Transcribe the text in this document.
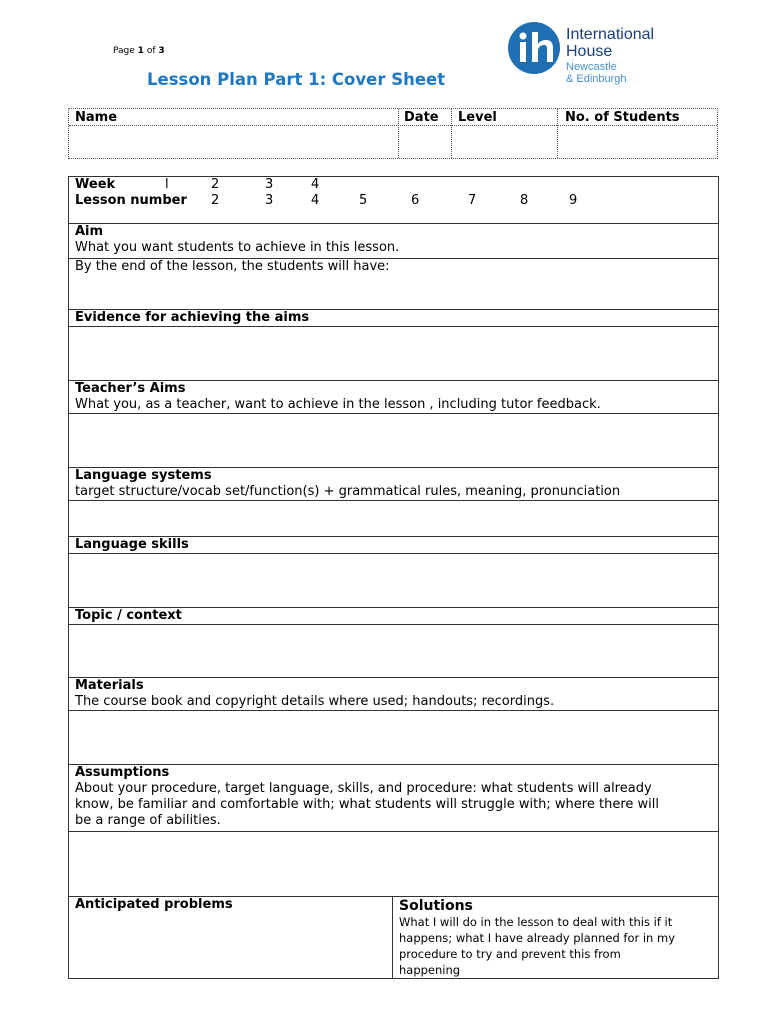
Page 1 of 3
Lesson Plan Part 1: Cover Sheet
International
House
Newcastle
& Edinburgh
Name	Date Level	No. of Students
Week	l	2	3	4
Lesson number 2	3	4	5	6	7	8	9
Aim
What you want students to achieve in this lesson.
By the end of the lesson, the students will have:
Evidence for achieving the aims
Teacher’s Aims
What you, as a teacher, want to achieve in the lesson , including tutor feedback.
Language systems
target structure/vocab set/function(s) + grammatical rules, meaning, pronunciation
Language skills
Topic / context
Materials
The course book and copyright details where used; handouts; recordings.
Assumptions
About your procedure, target language, skills, and procedure: what students will already
know, be familiar and comfortable with; what students will struggle with; where there will
be a range of abilities.
Anticipated problems	Solutions
What I will do in the lesson to deal with this if it
happens; what I have already planned for in my
procedure to try and prevent this from
happening
